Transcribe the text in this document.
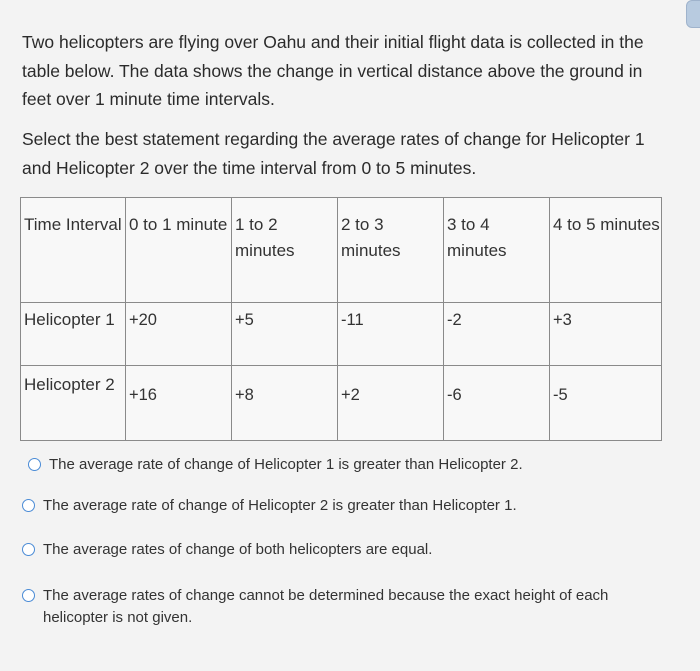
Two helicopters are flying over Oahu and their initial flight data is collected in the table below. The data shows the change in vertical distance above the ground in feet over 1 minute time intervals.

Select the best statement regarding the average rates of change for Helicopter 1 and Helicopter 2 over the time interval from 0 to 5 minutes.

Time Interval	0 to 1 minute	1 to 2 minutes	2 to 3 minutes	3 to 4 minutes	4 to 5 minutes
Helicopter 1	+20	+5	-11	-2	+3
Helicopter 2	+16	+8	+2	-6	-5
The average rate of change of Helicopter 1 is greater than Helicopter 2.
The average rate of change of Helicopter 2 is greater than Helicopter 1.
The average rates of change of both helicopters are equal.
The average rates of change cannot be determined because the exact height of each helicopter is not given.
